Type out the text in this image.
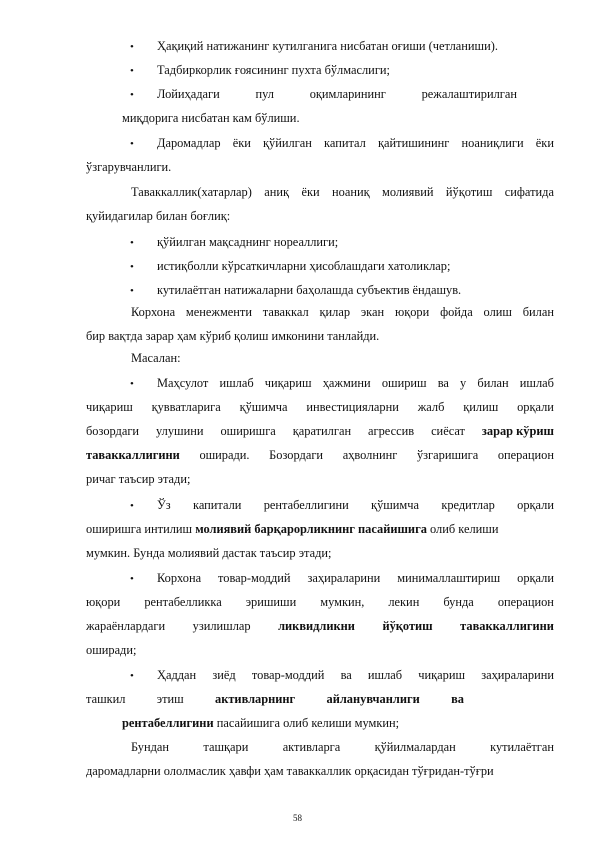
• Ҳақиқий натижанинг кутилганига нисбатан оғиши (четланиши).
• Тадбиркорлик ғоясининг пухта бўлмаслиги;
• Лойиҳадаги	пул	оқимларининг	режалаштирилган
миқдорига нисбатан кам бўлиши.
• Даромадлар ёки қўйилган капитал қайтишининг ноаниқлиги ёки
ўзгарувчанлиги.
Таваккаллик(хатарлар) аниқ ёки ноаниқ молиявий йўқотиш сифатида
қуйидагилар билан боғлиқ:
• қўйилган мақсаднинг нореаллиги;
• истиқболли кўрсаткичларни ҳисоблашдаги хатоликлар;
• кутилаётган натижаларни баҳолашда субъектив ёндашув.
Корхона менежменти таваккал қилар экан юқори фойда олиш билан
бир вақтда зарар ҳам кўриб қолиш имконини танлайди.
Масалан:
• Маҳсулот ишлаб чиқариш ҳажмини ошириш ва у билан ишлаб
чиқариш қувватларига қўшимча инвестицияларни жалб қилиш орқали
бозордаги улушини оширишга қаратилган агрессив сиёсат зарар кўриш
таваккаллигини оширади. Бозордаги аҳволнинг ўзгаришига операцион
ричаг таъсир этади;
• Ўз капитали рентабеллигини қўшимча кредитлар орқали
оширишга интилиш молиявий барқарорликнинг пасайишига олиб келиши
мумкин. Бунда молиявий дастак таъсир этади;
• Корхона товар-моддий заҳираларини минималлаштириш орқали
юқори рентабелликка эришиши мумкин, лекин бунда операцион
жараёнлардаги узилишлар ликвидликни йўқотиш таваккаллигини
оширади;
• Ҳаддан зиёд товар-моддий ва ишлаб чиқариш заҳираларини
ташкил	этиш	активларнинг	айланувчанлиги	ва
рентабеллигини пасайишига олиб келиши мумкин;
Бундан	ташқари	активларга	қўйилмалардан	кутилаётган
даромадларни ололмаслик ҳавфи ҳам таваккаллик орқасидан тўғридан-тўғри
58
